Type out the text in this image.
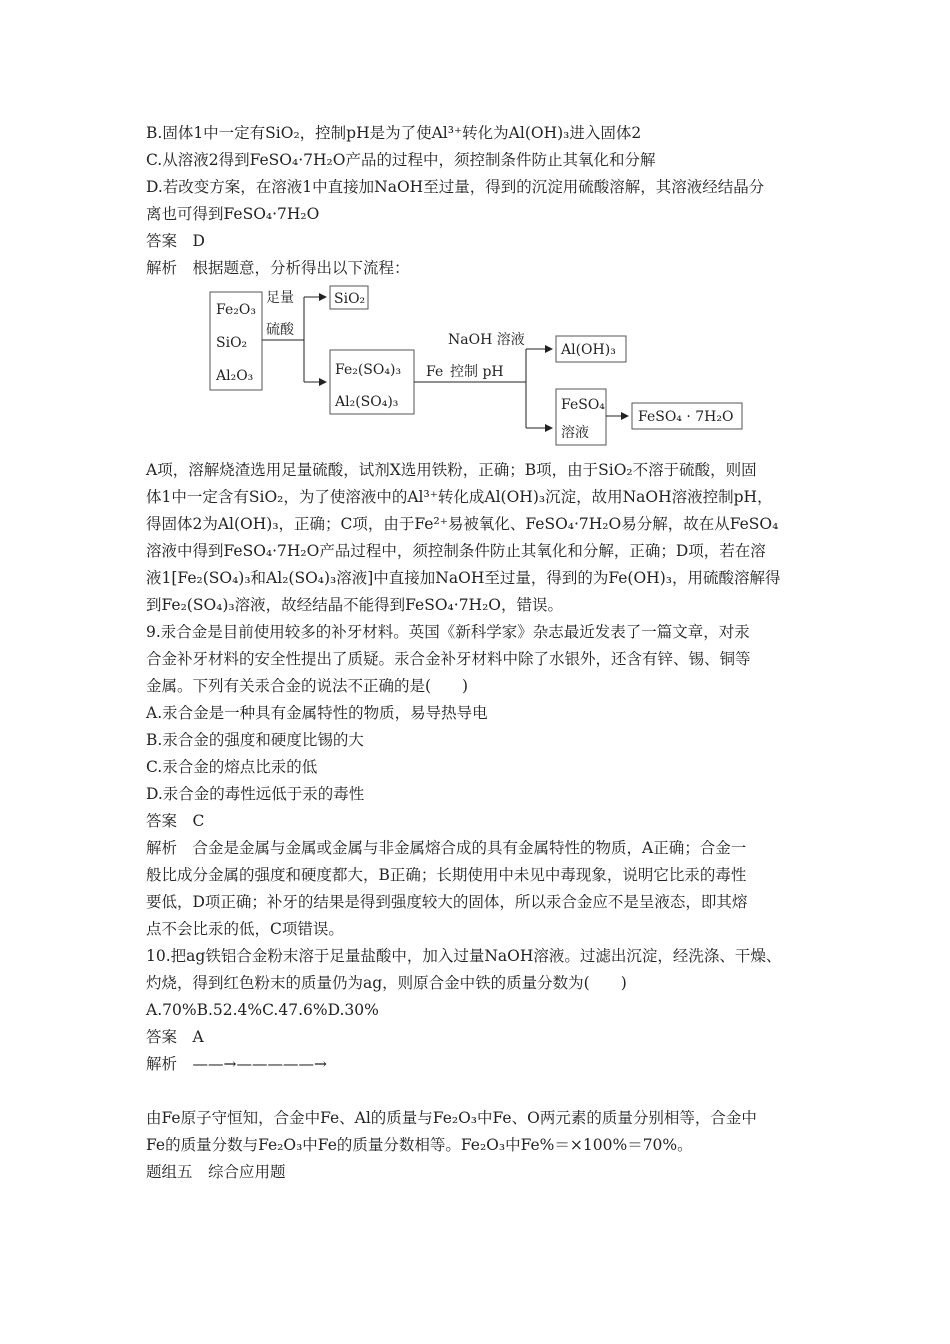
B.固体1中一定有SiO₂，控制pH是为了使Al³⁺转化为Al(OH)₃进入固体2
C.从溶液2得到FeSO₄·7H₂O产品的过程中，须控制条件防止其氧化和分解
D.若改变方案，在溶液1中直接加NaOH至过量，得到的沉淀用硫酸溶解，其溶液经结晶分
离也可得到FeSO₄·7H₂O
答案　D
解析　根据题意，分析得出以下流程：
Fe₂O₃
SiO₂
Al₂O₃
足量
硫酸
SiO₂
Fe₂(SO₄)₃
Al₂(SO₄)₃
Fe 控制 pH
NaOH 溶液
Al(OH)₃
FeSO₄
溶液
FeSO₄ · 7H₂O
A项，溶解烧渣选用足量硫酸，试剂X选用铁粉，正确；B项，由于SiO₂不溶于硫酸，则固
体1中一定含有SiO₂，为了使溶液中的Al³⁺转化成Al(OH)₃沉淀，故用NaOH溶液控制pH，
得固体2为Al(OH)₃，正确；C项，由于Fe²⁺易被氧化、FeSO₄·7H₂O易分解，故在从FeSO₄
溶液中得到FeSO₄·7H₂O产品过程中，须控制条件防止其氧化和分解，正确；D项，若在溶
液1[Fe₂(SO₄)₃和Al₂(SO₄)₃溶液]中直接加NaOH至过量，得到的为Fe(OH)₃，用硫酸溶解得
到Fe₂(SO₄)₃溶液，故经结晶不能得到FeSO₄·7H₂O，错误。
9.汞合金是目前使用较多的补牙材料。英国《新科学家》杂志最近发表了一篇文章，对汞
合金补牙材料的安全性提出了质疑。汞合金补牙材料中除了水银外，还含有锌、锡、铜等
金属。下列有关汞合金的说法不正确的是(　　)
A.汞合金是一种具有金属特性的物质，易导热导电
B.汞合金的强度和硬度比锡的大
C.汞合金的熔点比汞的低
D.汞合金的毒性远低于汞的毒性
答案　C
解析　合金是金属与金属或金属与非金属熔合成的具有金属特性的物质，A正确；合金一
般比成分金属的强度和硬度都大，B正确；长期使用中未见中毒现象，说明它比汞的毒性
要低，D项正确；补牙的结果是得到强度较大的固体，所以汞合金应不是呈液态，即其熔
点不会比汞的低，C项错误。
10.把ag铁铝合金粉末溶于足量盐酸中，加入过量NaOH溶液。过滤出沉淀，经洗涤、干燥、
灼烧，得到红色粉末的质量仍为ag，则原合金中铁的质量分数为(　　)
A.70%B.52.4%C.47.6%D.30%
答案　A
解析　——→—————→
由Fe原子守恒知，合金中Fe、Al的质量与Fe₂O₃中Fe、O两元素的质量分别相等，合金中
Fe的质量分数与Fe₂O₃中Fe的质量分数相等。Fe₂O₃中Fe%＝×100%＝70%。
题组五　综合应用题
